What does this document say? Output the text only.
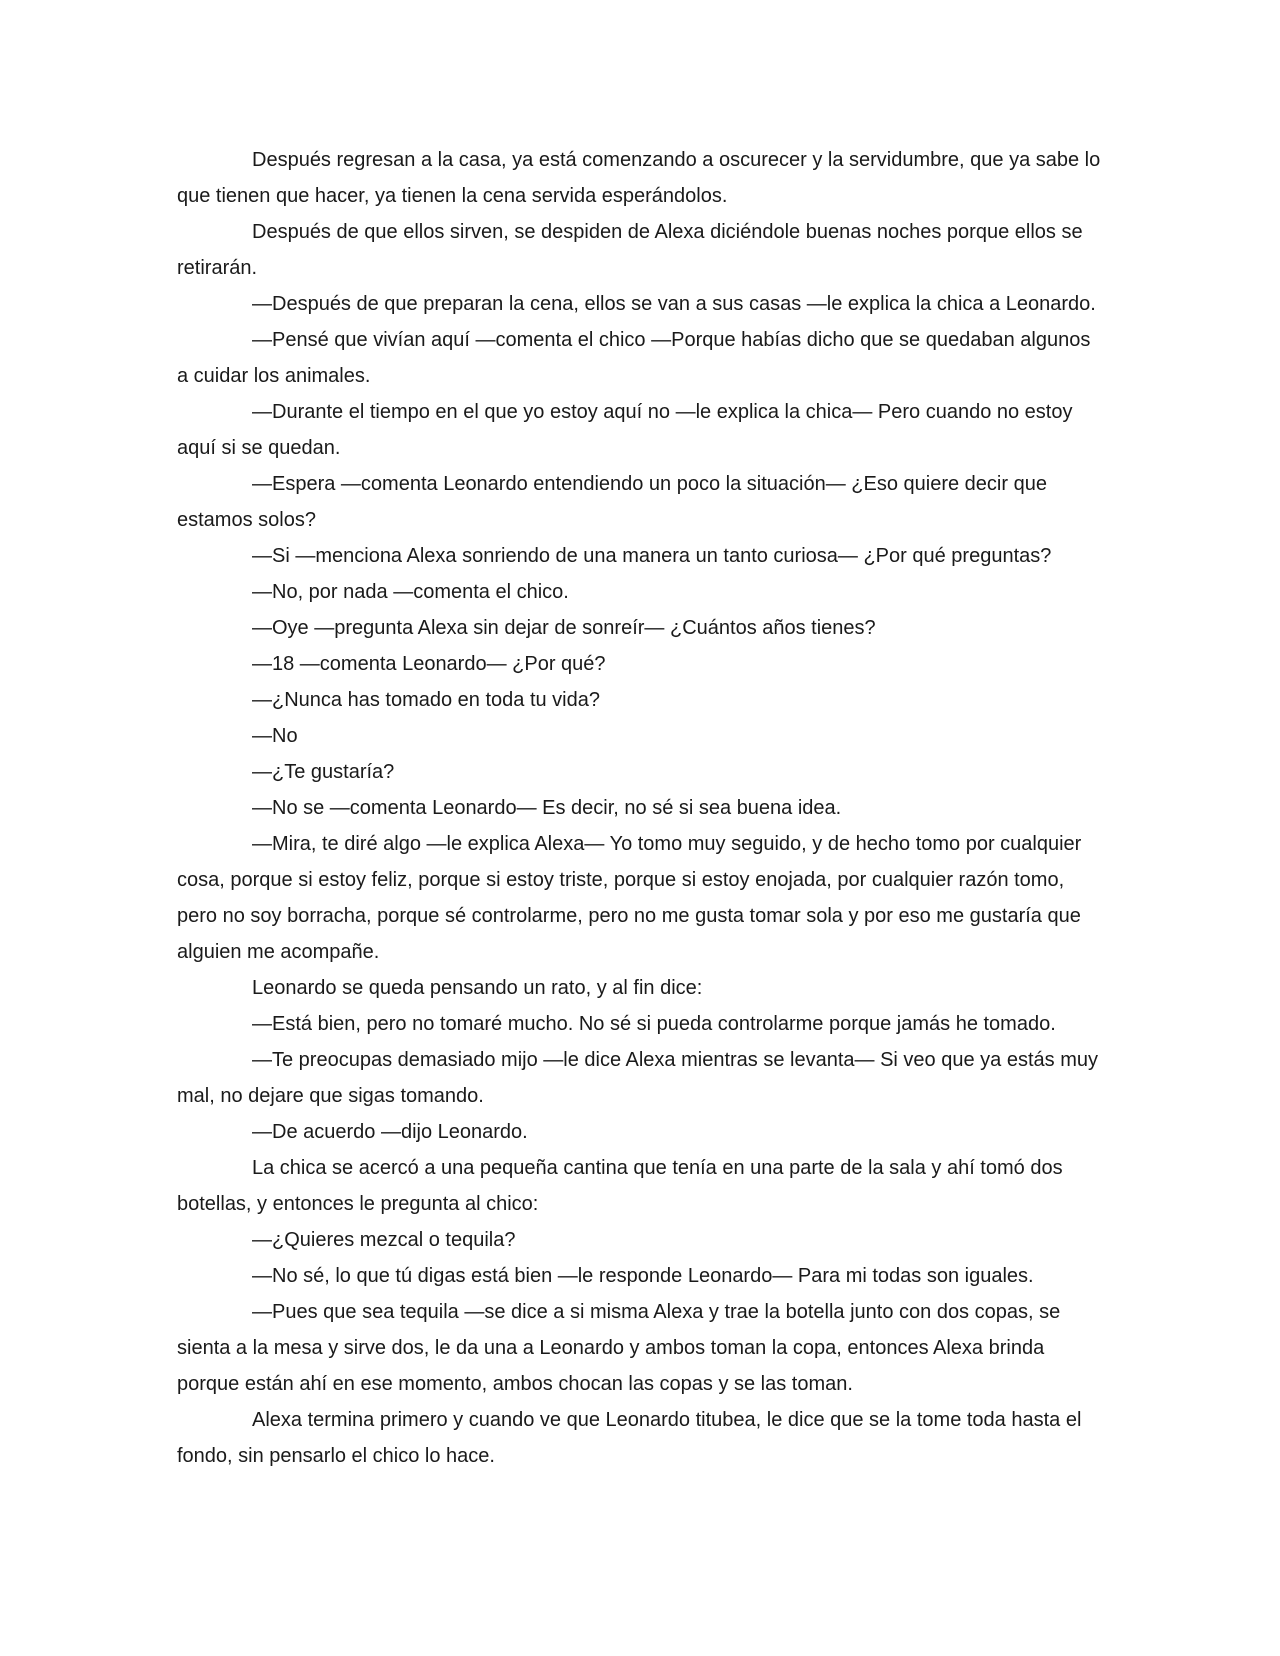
Después regresan a la casa, ya está comenzando a oscurecer y la servidumbre, que ya sabe lo que tienen que hacer, ya tienen la cena servida esperándolos.

Después de que ellos sirven, se despiden de Alexa diciéndole buenas noches porque ellos se retirarán.

—Después de que preparan la cena, ellos se van a sus casas —le explica la chica a Leonardo.

—Pensé que vivían aquí —comenta el chico —Porque habías dicho que se quedaban algunos a cuidar los animales.

—Durante el tiempo en el que yo estoy aquí no —le explica la chica— Pero cuando no estoy aquí si se quedan.

—Espera —comenta Leonardo entendiendo un poco la situación— ¿Eso quiere decir que estamos solos?

—Si —menciona Alexa sonriendo de una manera un tanto curiosa— ¿Por qué preguntas?

—No, por nada —comenta el chico.

—Oye —pregunta Alexa sin dejar de sonreír— ¿Cuántos años tienes?

—18 —comenta Leonardo— ¿Por qué?

—¿Nunca has tomado en toda tu vida?

—No

—¿Te gustaría?

—No se —comenta Leonardo— Es decir, no sé si sea buena idea.

—Mira, te diré algo —le explica Alexa— Yo tomo muy seguido, y de hecho tomo por cualquier cosa, porque si estoy feliz, porque si estoy triste, porque si estoy enojada, por cualquier razón tomo, pero no soy borracha, porque sé controlarme, pero no me gusta tomar sola y por eso me gustaría que alguien me acompañe.

Leonardo se queda pensando un rato, y al fin dice:

—Está bien, pero no tomaré mucho. No sé si pueda controlarme porque jamás he tomado.

—Te preocupas demasiado mijo —le dice Alexa mientras se levanta— Si veo que ya estás muy mal, no dejare que sigas tomando.

—De acuerdo —dijo Leonardo.

La chica se acercó a una pequeña cantina que tenía en una parte de la sala y ahí tomó dos botellas, y entonces le pregunta al chico:

—¿Quieres mezcal o tequila?

—No sé, lo que tú digas está bien —le responde Leonardo— Para mi todas son iguales.

—Pues que sea tequila —se dice a si misma Alexa y trae la botella junto con dos copas, se sienta a la mesa y sirve dos, le da una a Leonardo y ambos toman la copa, entonces Alexa brinda porque están ahí en ese momento, ambos chocan las copas y se las toman.

Alexa termina primero y cuando ve que Leonardo titubea, le dice que se la tome toda hasta el fondo, sin pensarlo el chico lo hace.
